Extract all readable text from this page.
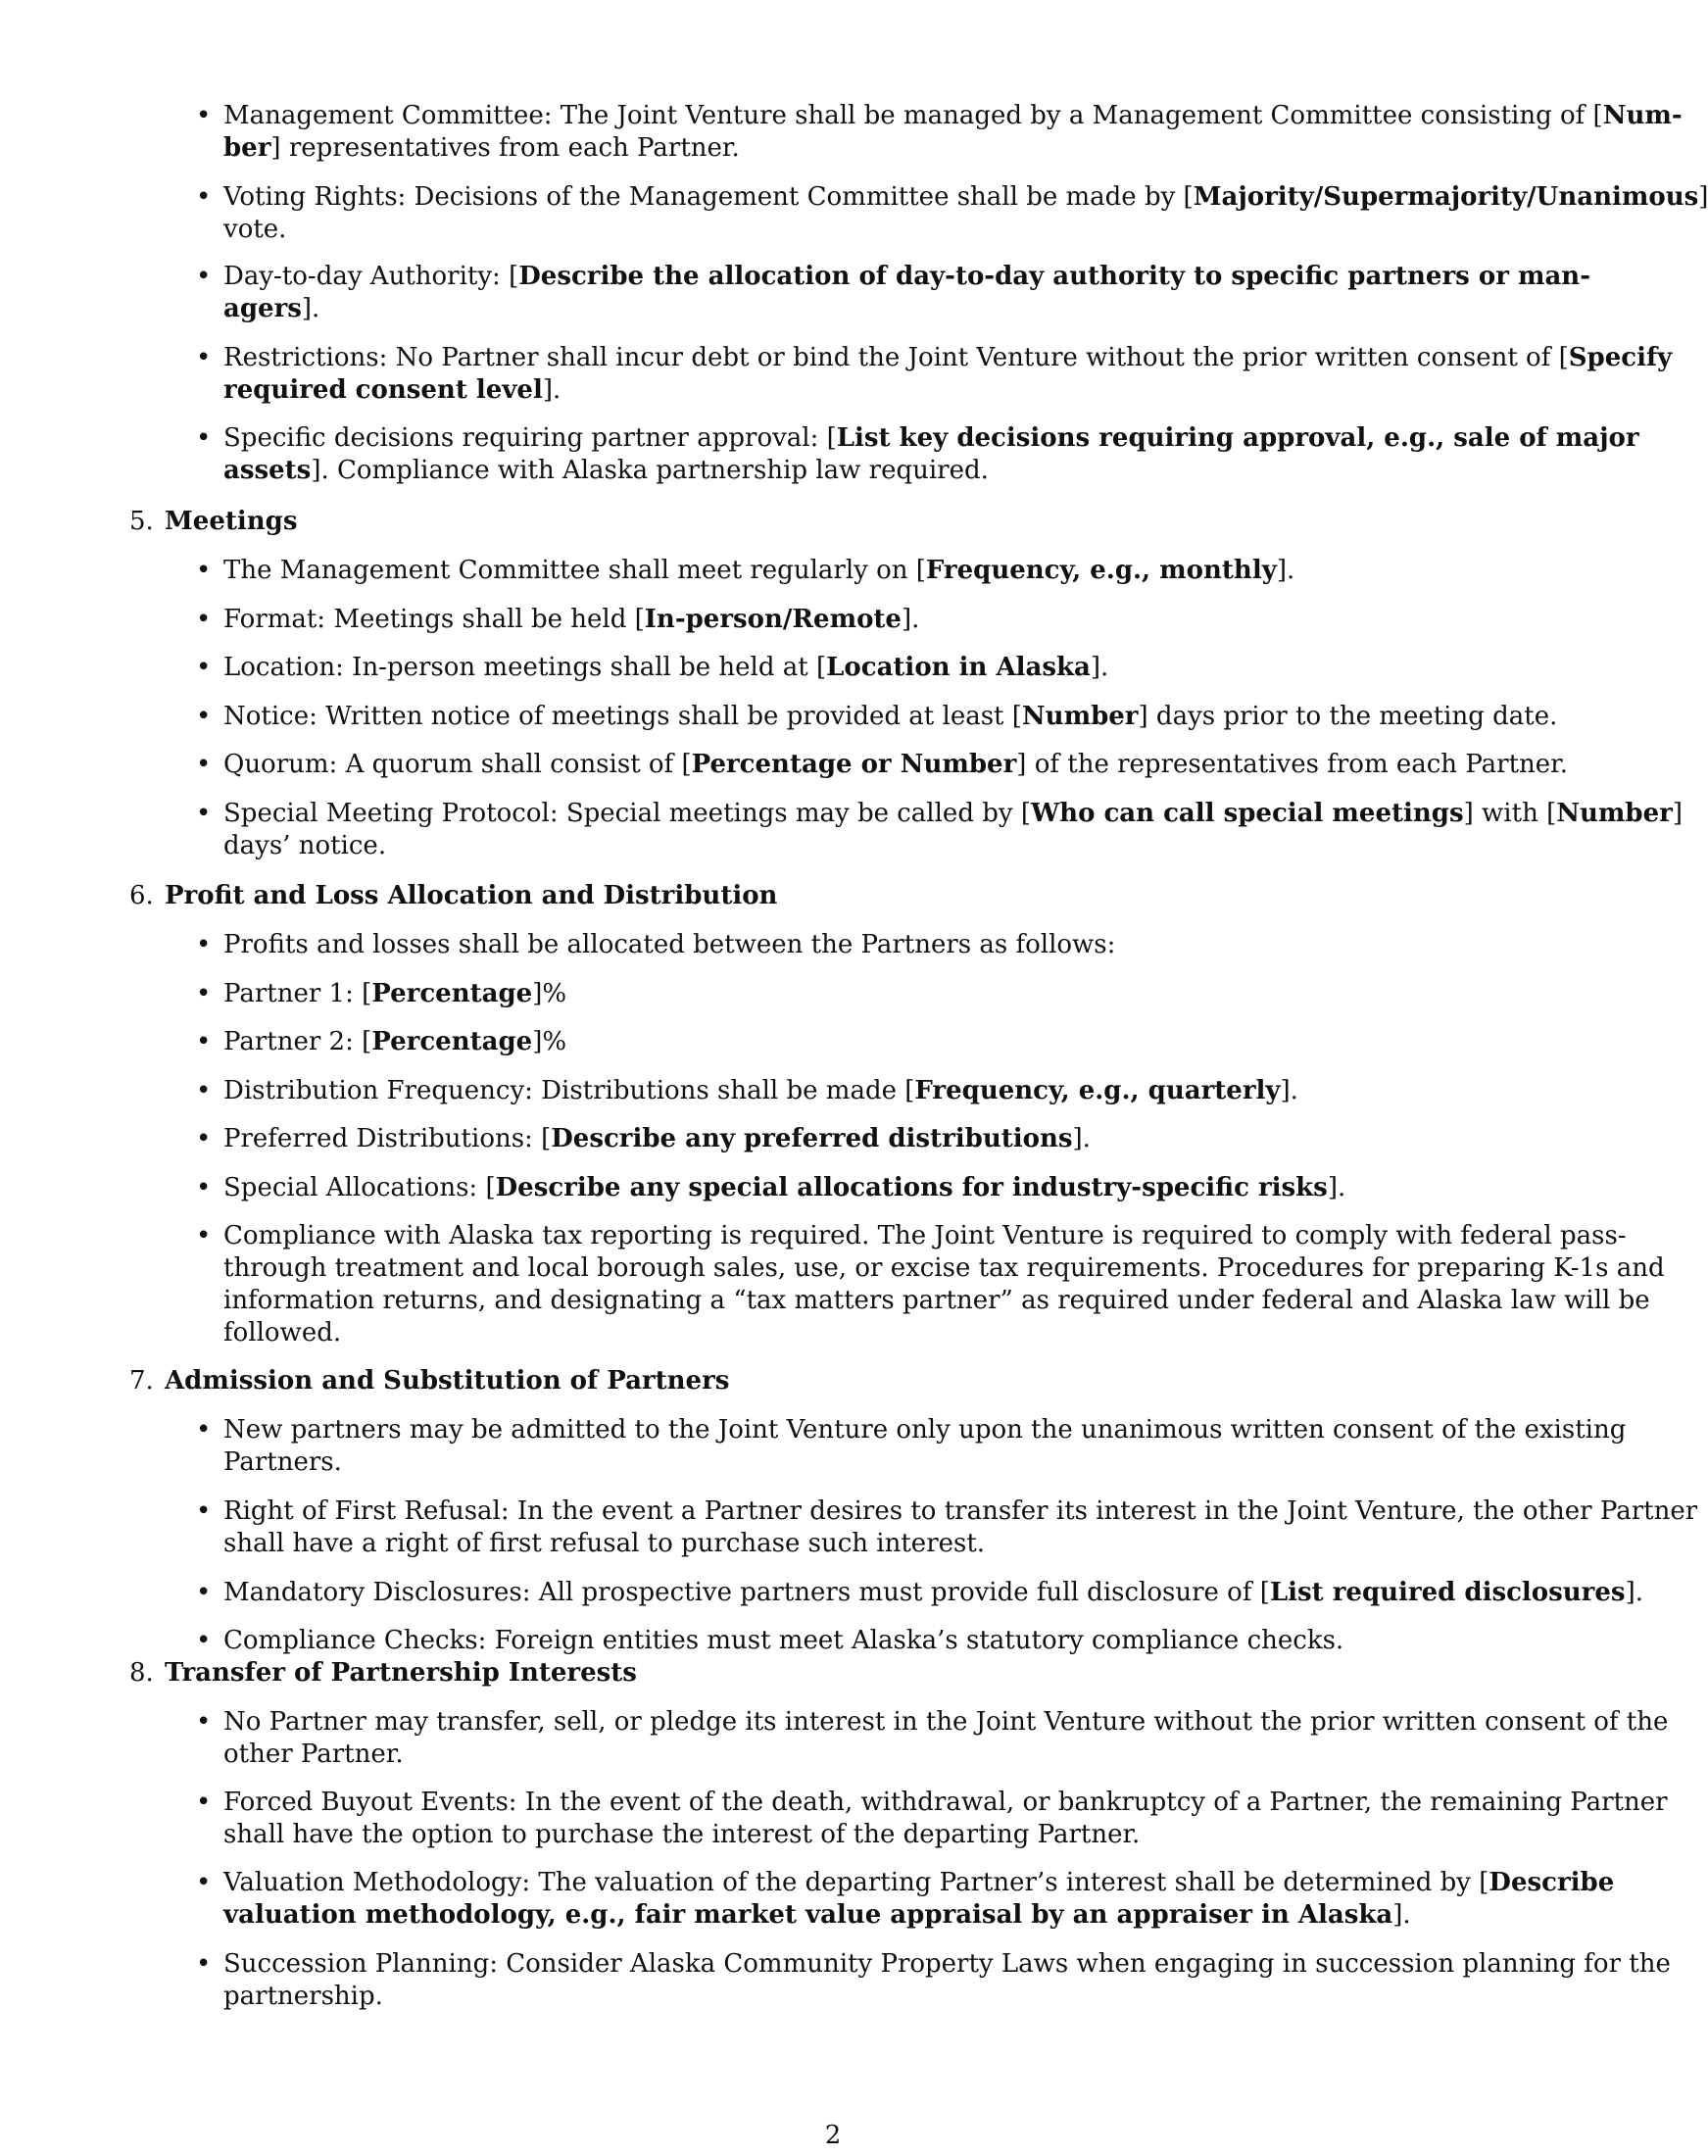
• Management Committee: The Joint Venture shall be managed by a Management Committee consisting of [Num-
ber] representatives from each Partner.
• Voting Rights: Decisions of the Management Committee shall be made by [Majority/Supermajority/Unanimous]
vote.
• Day-to-day Authority: [Describe the allocation of day-to-day authority to specific partners or man-
agers].
• Restrictions: No Partner shall incur debt or bind the Joint Venture without the prior written consent of [Specify
required consent level].
• Specific decisions requiring partner approval: [List key decisions requiring approval, e.g., sale of major
assets]. Compliance with Alaska partnership law required.
5. Meetings
• The Management Committee shall meet regularly on [Frequency, e.g., monthly].
• Format: Meetings shall be held [In-person/Remote].
• Location: In-person meetings shall be held at [Location in Alaska].
• Notice: Written notice of meetings shall be provided at least [Number] days prior to the meeting date.
• Quorum: A quorum shall consist of [Percentage or Number] of the representatives from each Partner.
• Special Meeting Protocol: Special meetings may be called by [Who can call special meetings] with [Number]
days’ notice.
6. Profit and Loss Allocation and Distribution
• Profits and losses shall be allocated between the Partners as follows:
• Partner 1: [Percentage]%
• Partner 2: [Percentage]%
• Distribution Frequency: Distributions shall be made [Frequency, e.g., quarterly].
• Preferred Distributions: [Describe any preferred distributions].
• Special Allocations: [Describe any special allocations for industry-specific risks].
• Compliance with Alaska tax reporting is required. The Joint Venture is required to comply with federal pass-
through treatment and local borough sales, use, or excise tax requirements. Procedures for preparing K-1s and
information returns, and designating a “tax matters partner” as required under federal and Alaska law will be
followed.
7. Admission and Substitution of Partners
• New partners may be admitted to the Joint Venture only upon the unanimous written consent of the existing
Partners.
• Right of First Refusal: In the event a Partner desires to transfer its interest in the Joint Venture, the other Partner
shall have a right of first refusal to purchase such interest.
• Mandatory Disclosures: All prospective partners must provide full disclosure of [List required disclosures].
• Compliance Checks: Foreign entities must meet Alaska’s statutory compliance checks.
8. Transfer of Partnership Interests
• No Partner may transfer, sell, or pledge its interest in the Joint Venture without the prior written consent of the
other Partner.
• Forced Buyout Events: In the event of the death, withdrawal, or bankruptcy of a Partner, the remaining Partner
shall have the option to purchase the interest of the departing Partner.
• Valuation Methodology: The valuation of the departing Partner’s interest shall be determined by [Describe
valuation methodology, e.g., fair market value appraisal by an appraiser in Alaska].
• Succession Planning: Consider Alaska Community Property Laws when engaging in succession planning for the
partnership.
2
